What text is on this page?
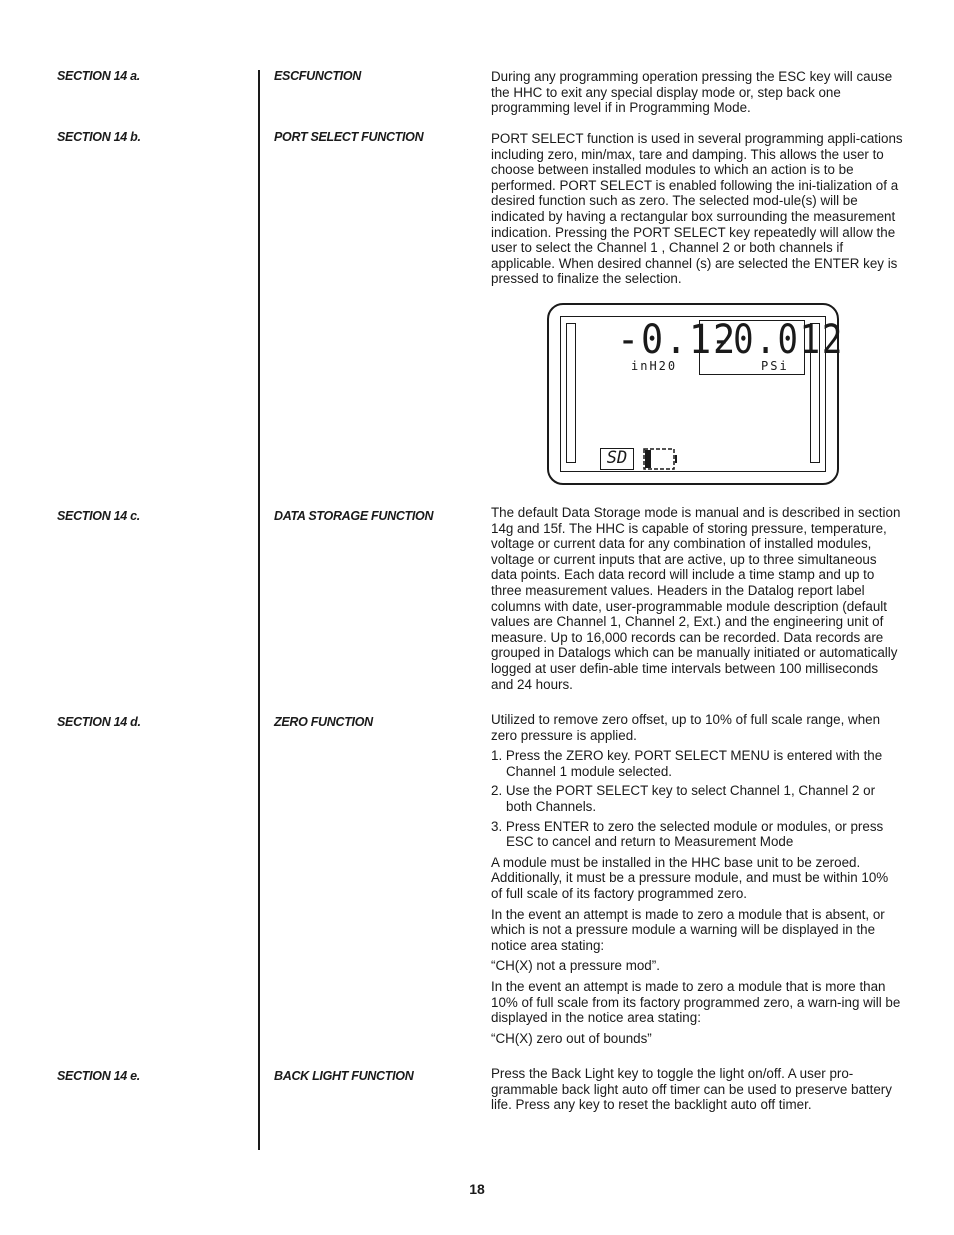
SECTION 14 a.	ESCFUNCTION	During any programming operation pressing the ESC key will cause the HHC to exit any special display mode or, step back one programming level if in Programming Mode.

SECTION 14 b.	PORT SELECT FUNCTION	PORT SELECT function is used in several programming appli-cations including zero, min/max, tare and damping. This allows the user to choose between installed modules to which an action is to be performed. PORT SELECT is enabled following the ini-tialization of a desired function such as zero. The selected mod-ule(s) will be indicated by having a rectangular box surrounding the measurement indication. Pressing the PORT SELECT key repeatedly will allow the user to select the Channel 1 , Channel 2 or both channels if applicable. When desired channel (s) are selected the ENTER key is pressed to finalize the selection.

-0.12
-0.012
inH20	PSi
SD
SECTION 14 c.	DATA STORAGE FUNCTION	The default Data Storage mode is manual and is described in section 14g and 15f. The HHC is capable of storing pressure, temperature, voltage or current data for any combination of installed modules, voltage or current inputs that are active, up to three simultaneous data points. Each data record will include a time stamp and up to three measurement values. Headers in the Datalog report label columns with date, user-programmable module description (default values are Channel 1, Channel 2, Ext.) and the engineering unit of measure. Up to 16,000 records can be recorded. Data records are grouped in Datalogs which can be manually initiated or automatically logged at user defin-able time intervals between 100 milliseconds and 24 hours.

SECTION 14 d.	ZERO FUNCTION	Utilized to remove zero offset, up to 10% of full scale range, when zero pressure is applied.

1. Press the ZERO key. PORT SELECT MENU is entered with the Channel 1 module selected.
2. Use the PORT SELECT key to select Channel 1, Channel 2 or both Channels.
3. Press ENTER to zero the selected module or modules, or press ESC to cancel and return to Measurement Mode

A module must be installed in the HHC base unit to be zeroed. Additionally, it must be a pressure module, and must be within 10% of full scale of its factory programmed zero.

In the event an attempt is made to zero a module that is absent, or which is not a pressure module a warning will be displayed in the notice area stating:

“CH(X) not a pressure mod”.

In the event an attempt is made to zero a module that is more than 10% of full scale from its factory programmed zero, a warn-ing will be displayed in the notice area stating:

“CH(X) zero out of bounds”

SECTION 14 e.	BACK LIGHT FUNCTION	Press the Back Light key to toggle the light on/off. A user pro-grammable back light auto off timer can be used to preserve battery life. Press any key to reset the backlight auto off timer.

18
